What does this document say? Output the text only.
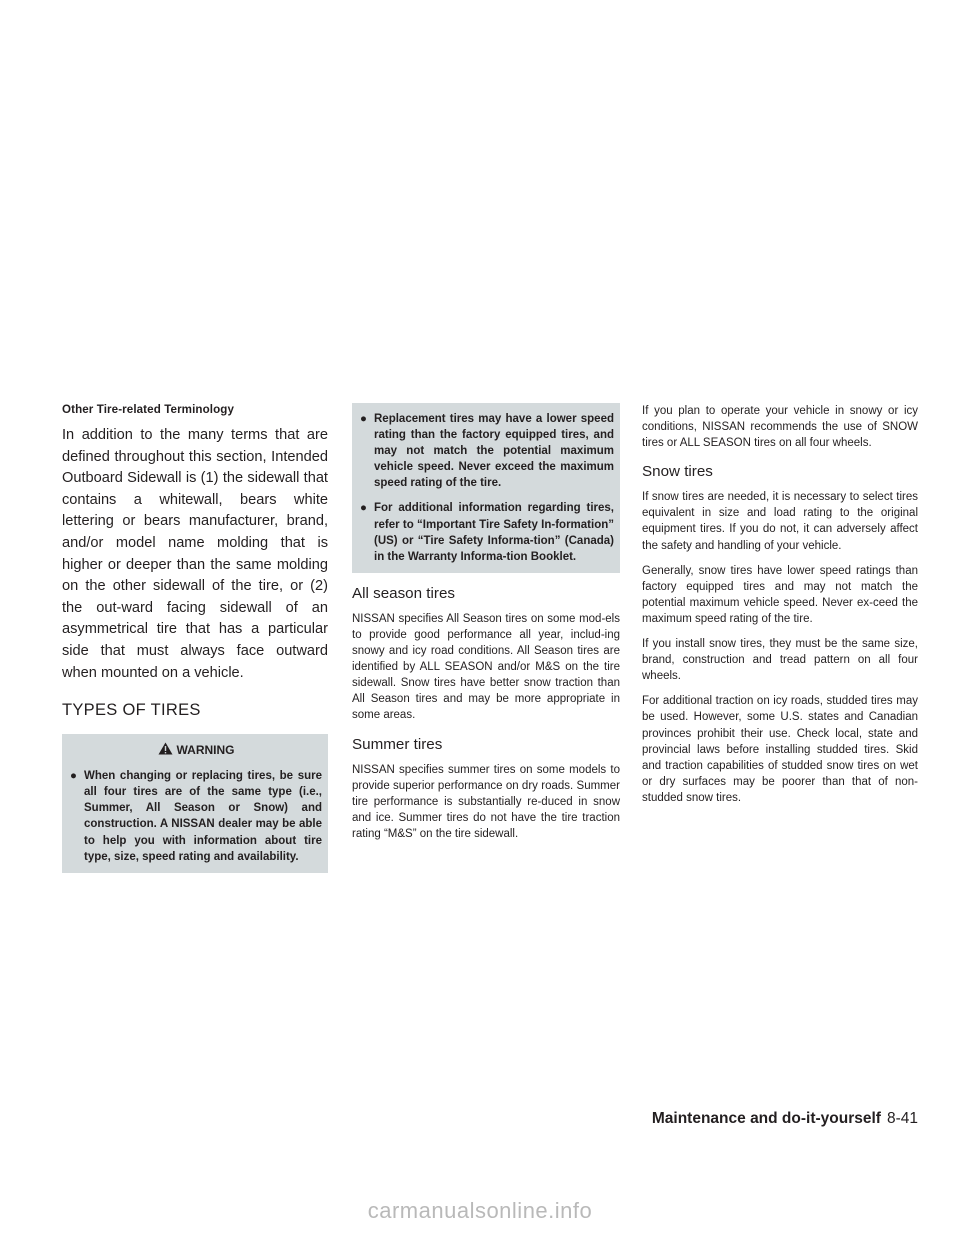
Other Tire-related Terminology

In addition to the many terms that are defined throughout this section, Intended Outboard Sidewall is (1) the sidewall that contains a whitewall, bears white lettering or bears manufacturer, brand, and/or model name molding that is higher or deeper than the same molding on the other sidewall of the tire, or (2) the out-ward facing sidewall of an asymmetrical tire that has a particular side that must always face outward when mounted on a vehicle.

TYPES OF TIRES
WARNING
● When changing or replacing tires, be sure all four tires are of the same type (i.e., Summer, All Season or Snow) and construction. A NISSAN dealer may be able to help you with information about tire type, size, speed rating and availability.
● Replacement tires may have a lower speed rating than the factory equipped tires, and may not match the potential maximum vehicle speed. Never exceed the maximum speed rating of the tire.
● For additional information regarding tires, refer to “Important Tire Safety In-formation” (US) or “Tire Safety Informa-tion” (Canada) in the Warranty Informa-tion Booklet.
All season tires

NISSAN specifies All Season tires on some mod-els to provide good performance all year, includ-ing snowy and icy road conditions. All Season tires are identified by ALL SEASON and/or M&S on the tire sidewall. Snow tires have better snow traction than All Season tires and may be more appropriate in some areas.

Summer tires

NISSAN specifies summer tires on some models to provide superior performance on dry roads. Summer tire performance is substantially re-duced in snow and ice. Summer tires do not have the tire traction rating “M&S” on the tire sidewall.

If you plan to operate your vehicle in snowy or icy conditions, NISSAN recommends the use of SNOW tires or ALL SEASON tires on all four wheels.

Snow tires

If snow tires are needed, it is necessary to select tires equivalent in size and load rating to the original equipment tires. If you do not, it can adversely affect the safety and handling of your vehicle.

Generally, snow tires have lower speed ratings than factory equipped tires and may not match the potential maximum vehicle speed. Never ex-ceed the maximum speed rating of the tire.

If you install snow tires, they must be the same size, brand, construction and tread pattern on all four wheels.

For additional traction on icy roads, studded tires may be used. However, some U.S. states and Canadian provinces prohibit their use. Check local, state and provincial laws before installing studded tires. Skid and traction capabilities of studded snow tires on wet or dry surfaces may be poorer than that of non-studded snow tires.

Maintenance and do-it-yourself 8-41
carmanualsonline.info
